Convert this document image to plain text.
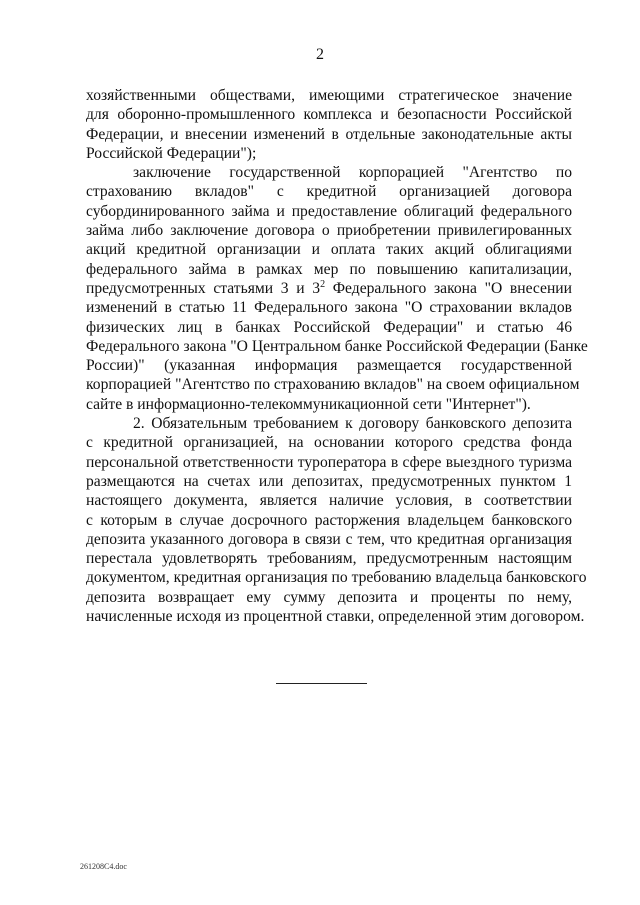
2
хозяйственными обществами, имеющими стратегическое значение
для оборонно-промышленного комплекса и безопасности Российской
Федерации, и внесении изменений в отдельные законодательные акты
Российской Федерации");
заключение государственной корпорацией "Агентство по
страхованию вкладов" с кредитной организацией договора
субординированного займа и предоставление облигаций федерального
займа либо заключение договора о приобретении привилегированных
акций кредитной организации и оплата таких акций облигациями
федерального займа в рамках мер по повышению капитализации,
предусмотренных статьями 3 и $3^2$ Федерального закона "О внесении
изменений в статью 11 Федерального закона "О страховании вкладов
физических лиц в банках Российской Федерации" и статью 46
Федерального закона "О Центральном банке Российской Федерации (Банке
России)" (указанная информация размещается государственной
корпорацией "Агентство по страхованию вкладов" на своем официальном
сайте в информационно-телекоммуникационной сети "Интернет").
2. Обязательным требованием к договору банковского депозита
с кредитной организацией, на основании которого средства фонда
персональной ответственности туроператора в сфере выездного туризма
размещаются на счетах или депозитах, предусмотренных пунктом 1
настоящего документа, является наличие условия, в соответствии
с которым в случае досрочного расторжения владельцем банковского
депозита указанного договора в связи с тем, что кредитная организация
перестала удовлетворять требованиям, предусмотренным настоящим
документом, кредитная организация по требованию владельца банковского
депозита возвращает ему сумму депозита и проценты по нему,
начисленные исходя из процентной ставки, определенной этим договором.
261208C4.doc
